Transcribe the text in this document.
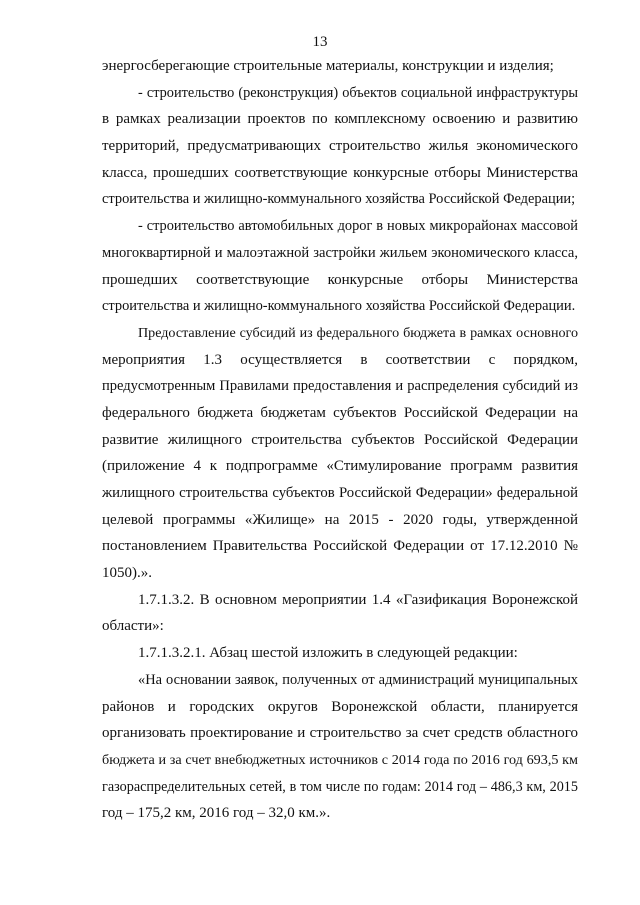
13
энергосберегающие строительные материалы, конструкции и изделия;
- строительство (реконструкция) объектов социальной инфраструктуры
в рамках реализации проектов по комплексному освоению и развитию
территорий, предусматривающих строительство жилья экономического
класса, прошедших соответствующие конкурсные отборы Министерства
строительства и жилищно-коммунального хозяйства Российской Федерации;
- строительство автомобильных дорог в новых микрорайонах массовой
многоквартирной и малоэтажной застройки жильем экономического класса,
прошедших соответствующие конкурсные отборы Министерства
строительства и жилищно-коммунального хозяйства Российской Федерации.
Предоставление субсидий из федерального бюджета в рамках основного
мероприятия 1.3 осуществляется в соответствии с порядком,
предусмотренным Правилами предоставления и распределения субсидий из
федерального бюджета бюджетам субъектов Российской Федерации на
развитие жилищного строительства субъектов Российской Федерации
(приложение 4 к подпрограмме «Стимулирование программ развития
жилищного строительства субъектов Российской Федерации» федеральной
целевой программы «Жилище» на 2015 - 2020 годы, утвержденной
постановлением Правительства Российской Федерации от 17.12.2010 №
1050).».
1.7.1.3.2. В основном мероприятии 1.4 «Газификация Воронежской
области»:
1.7.1.3.2.1. Абзац шестой изложить в следующей редакции:
«На основании заявок, полученных от администраций муниципальных
районов и городских округов Воронежской области, планируется
организовать проектирование и строительство за счет средств областного
бюджета и за счет внебюджетных источников с 2014 года по 2016 год 693,5 км
газораспределительных сетей, в том числе по годам: 2014 год – 486,3 км, 2015
год – 175,2 км, 2016 год – 32,0 км.».
